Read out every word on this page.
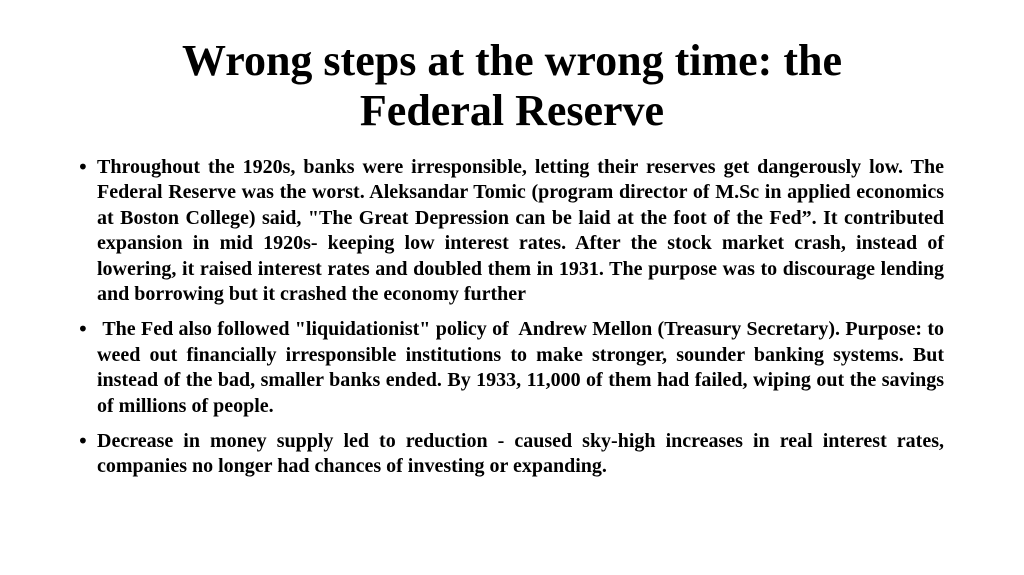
Wrong steps at the wrong time: the
Federal Reserve
• Throughout the 1920s, banks were irresponsible, letting their reserves get dangerously low. The Federal Reserve was the worst. Aleksandar Tomic (program director of M.Sc in applied economics at Boston College) said, "The Great Depression can be laid at the foot of the Fed”. It contributed expansion in mid 1920s- keeping low interest rates. After the stock market crash, instead of lowering, it raised interest rates and doubled them in 1931. The purpose was to discourage lending and borrowing but it crashed the economy further
• The Fed also followed "liquidationist" policy of  Andrew Mellon (Treasury Secretary). Purpose: to weed out financially irresponsible institutions to make stronger, sounder banking systems. But instead of the bad, smaller banks ended. By 1933, 11,000 of them had failed, wiping out the savings of millions of people.
• Decrease in money supply led to reduction - caused sky-high increases in real interest rates, companies no longer had chances of investing or expanding.
